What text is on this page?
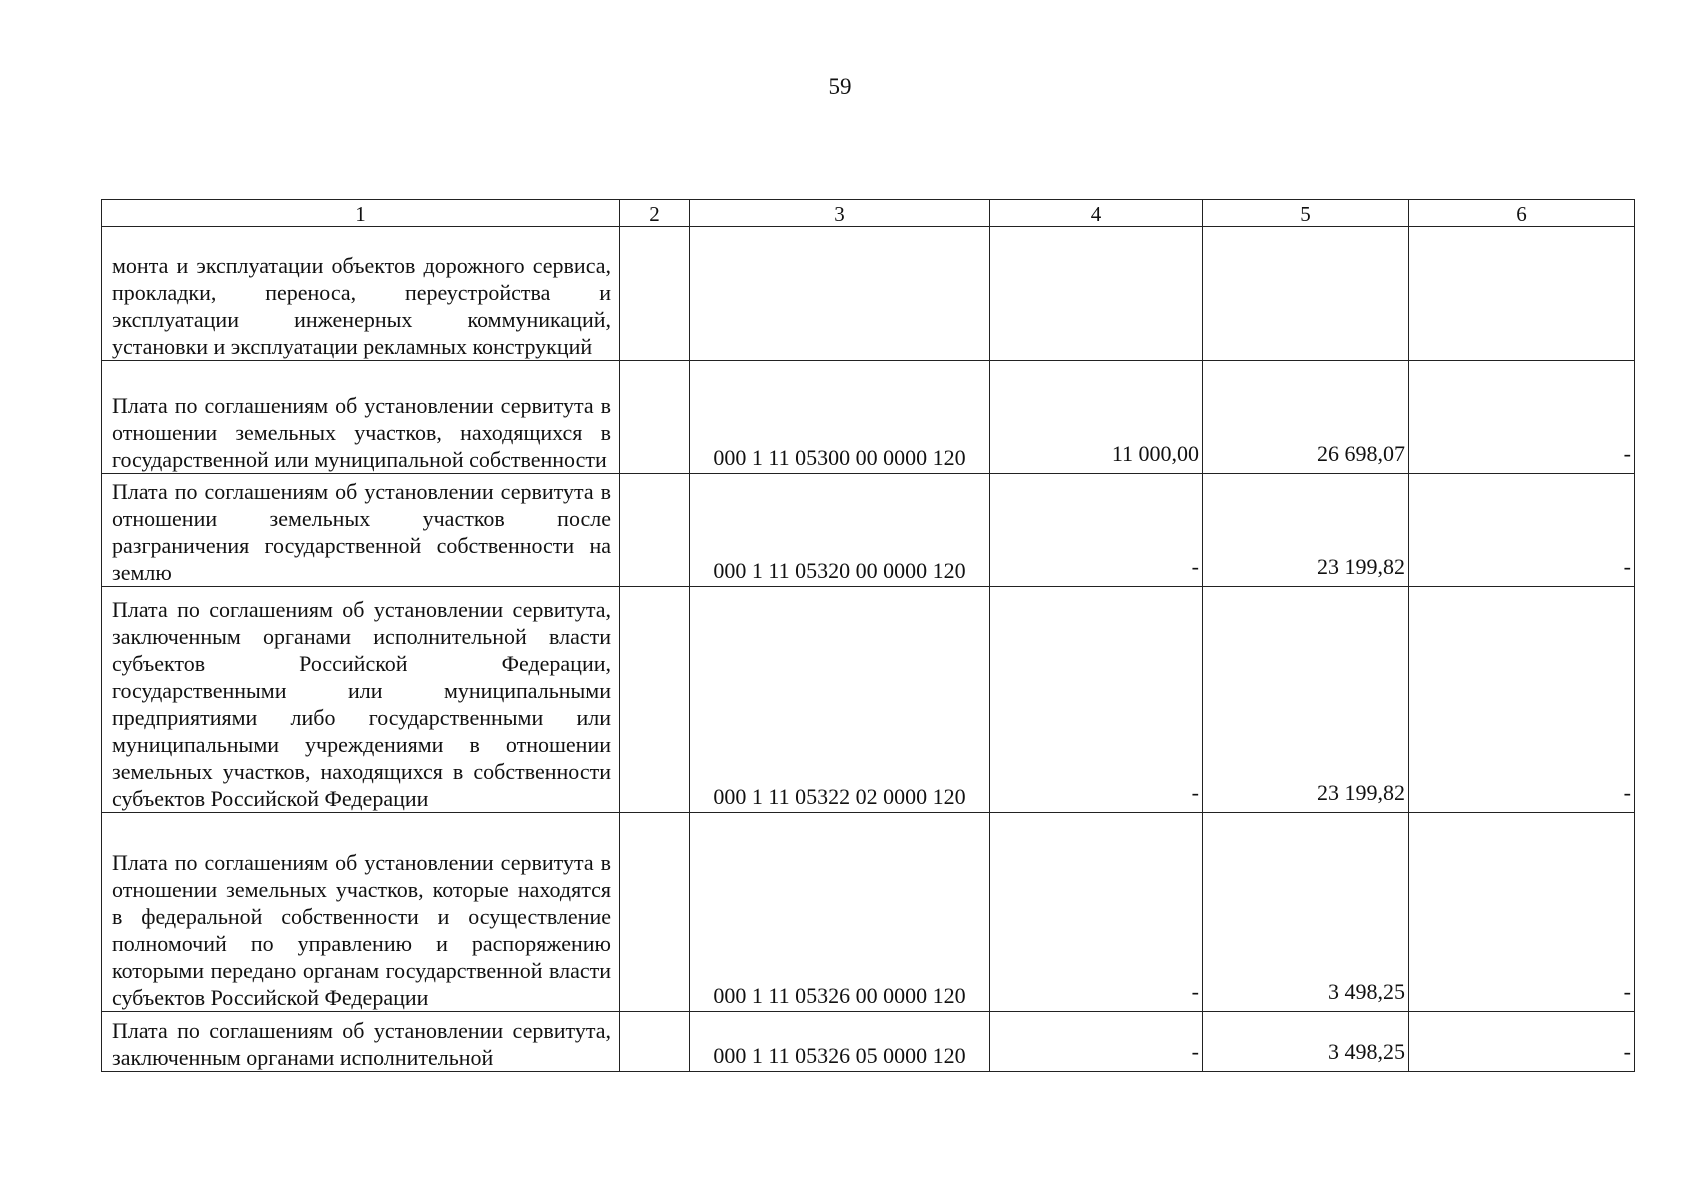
59
1	2	3	4	5	6
монта и эксплуатации объектов дорожного сервиса, прокладки, переноса, переустройства и эксплуатации инженерных коммуникаций, установки и эксплуатации рекламных конструкций					
Плата по соглашениям об установлении сервитута в отношении земельных участков, находящихся в государственной или муниципальной собственности		000 1 11 05300 00 0000 120	11 000,00	26 698,07	-
Плата по соглашениям об установлении сервитута в отношении земельных участков после разграничения государственной собственности на землю		000 1 11 05320 00 0000 120	-	23 199,82	-
Плата по соглашениям об установлении сервитута, заключенным органами исполнительной власти субъектов Российской Федерации, государственными или муниципальными предприятиями либо государственными или муниципальными учреждениями в отношении земельных участков, находящихся в собственности субъектов Российской Федерации		000 1 11 05322 02 0000 120	-	23 199,82	-
Плата по соглашениям об установлении сервитута в отношении земельных участков, которые находятся в федеральной собственности и осуществление полномочий по управлению и распоряжению которыми передано органам государственной власти субъектов Российской Федерации		000 1 11 05326 00 0000 120	-	3 498,25	-
Плата по соглашениям об установлении сервитута, заключенным органами исполнительной		000 1 11 05326 05 0000 120	-	3 498,25	-
